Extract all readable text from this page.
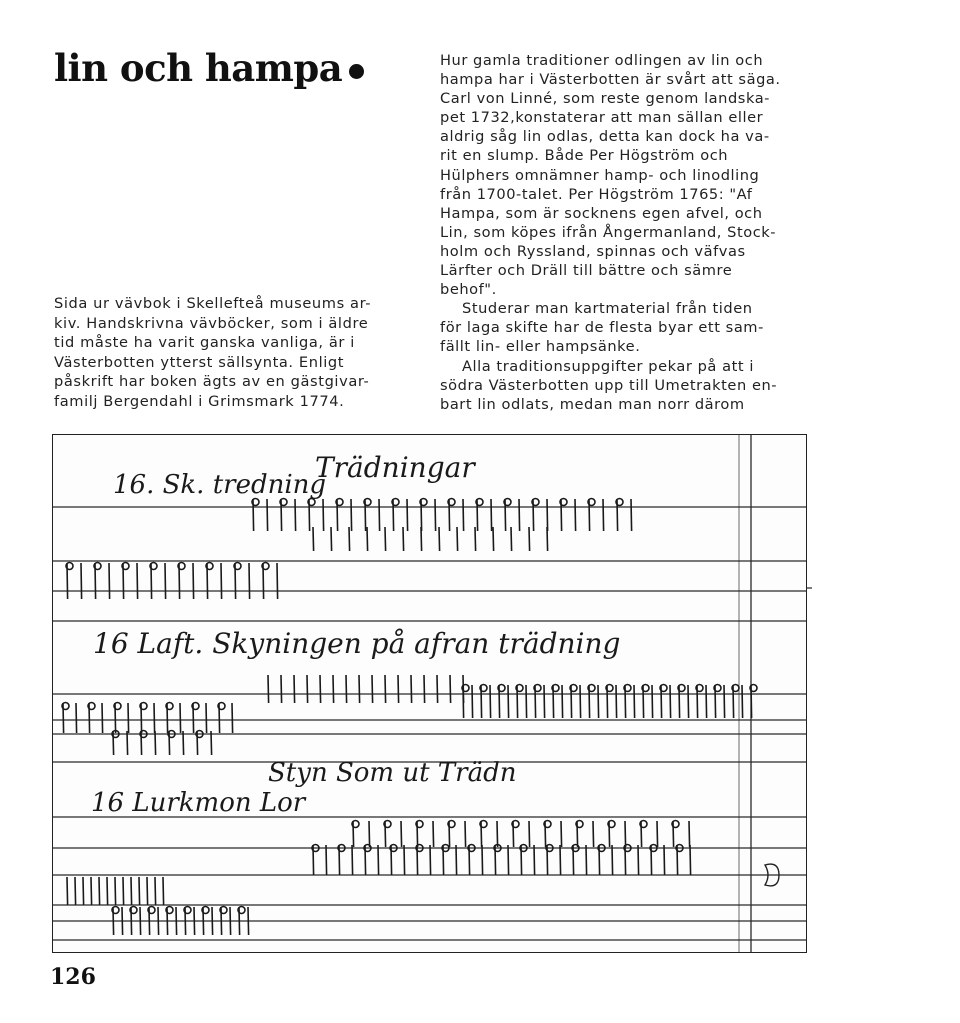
lin och hampa

Sida ur vävbok i Skellefteå museums ar-
kiv. Handskrivna vävböcker, som i äldre
tid måste ha varit ganska vanliga, är i
Västerbotten ytterst sällsynta. Enligt
påskrift har boken ägts av en gästgivar-
familj Bergendahl i Grimsmark 1774.

Hur gamla traditioner odlingen av lin och
hampa har i Västerbotten är svårt att säga.
Carl von Linné, som reste genom landska-
pet 1732,konstaterar att man sällan eller
aldrig såg lin odlas, detta kan dock ha va-
rit en slump. Både Per Högström och
Hülphers omnämner hamp- och linodling
från 1700-talet. Per Högström 1765: "Af
Hampa, som är socknens egen afvel, och
Lin, som köpes ifrån Ångermanland, Stock-
holm och Ryssland, spinnas och väfvas
Lärfter och Dräll till bättre och sämre
behof".
Studerar man kartmaterial från tiden
för laga skifte har de flesta byar ett sam-
fällt lin- eller hampsänke.
Alla traditionsuppgifter pekar på att i
södra Västerbotten upp till Umetrakten en-
bart lin odlats, medan man norr därom
16. Sk. tredning
Trädningar
16 Laft. Skyningen på afran trädning
Styn Som ut Trädn
16 Lurkmon Lor
126
